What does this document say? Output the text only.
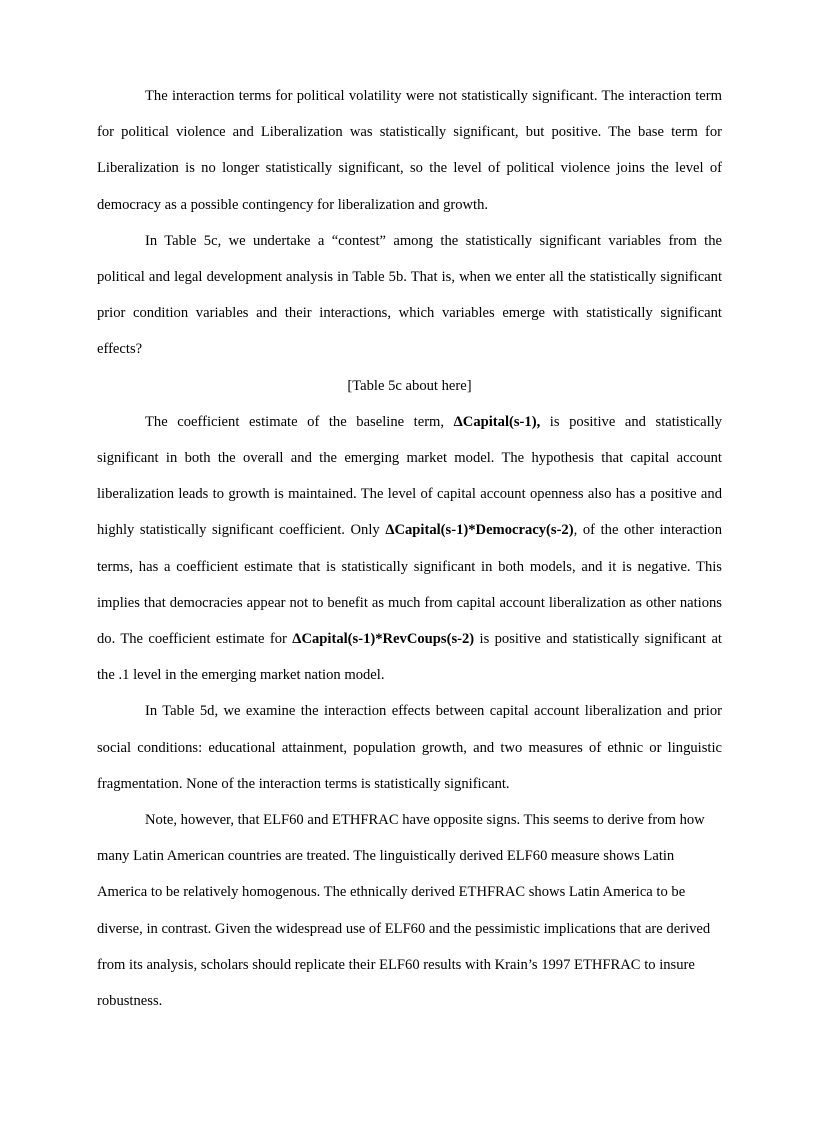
The interaction terms for political volatility were not statistically significant. The interaction term for political violence and Liberalization was statistically significant, but positive. The base term for Liberalization is no longer statistically significant, so the level of political violence joins the level of democracy as a possible contingency for liberalization and growth.

In Table 5c, we undertake a “contest” among the statistically significant variables from the political and legal development analysis in Table 5b. That is, when we enter all the statistically significant prior condition variables and their interactions, which variables emerge with statistically significant effects?

[Table 5c about here]

The coefficient estimate of the baseline term, ΔCapital(s-1), is positive and statistically significant in both the overall and the emerging market model. The hypothesis that capital account liberalization leads to growth is maintained. The level of capital account openness also has a positive and highly statistically significant coefficient. Only ΔCapital(s-1)*Democracy(s-2), of the other interaction terms, has a coefficient estimate that is statistically significant in both models, and it is negative. This implies that democracies appear not to benefit as much from capital account liberalization as other nations do. The coefficient estimate for ΔCapital(s-1)*RevCoups(s-2) is positive and statistically significant at the .1 level in the emerging market nation model.

In Table 5d, we examine the interaction effects between capital account liberalization and prior social conditions: educational attainment, population growth, and two measures of ethnic or linguistic fragmentation. None of the interaction terms is statistically significant.

Note, however, that ELF60 and ETHFRAC have opposite signs. This seems to derive from how many Latin American countries are treated. The linguistically derived ELF60 measure shows Latin America to be relatively homogenous. The ethnically derived ETHFRAC shows Latin America to be diverse, in contrast. Given the widespread use of ELF60 and the pessimistic implications that are derived from its analysis, scholars should replicate their ELF60 results with Krain’s 1997 ETHFRAC to insure robustness.
